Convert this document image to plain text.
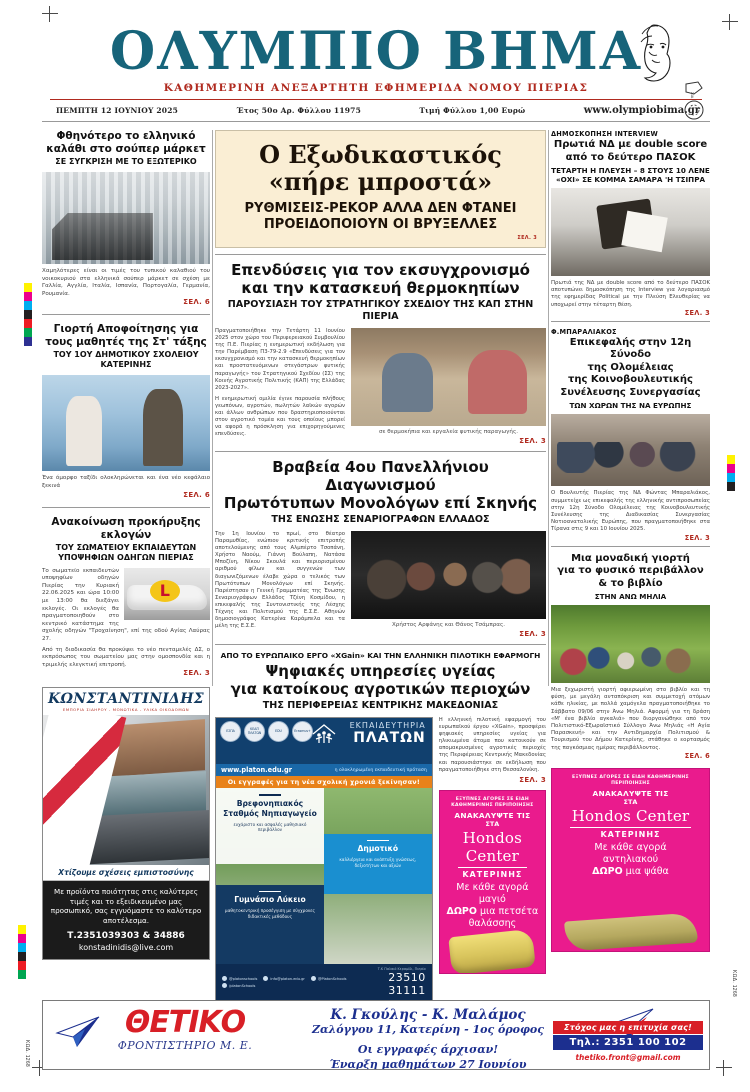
ΚΩΔ. 1268
ΚΩΔ. 1268
ΟΛΥΜΠΙΟ ΒΗΜΑ
ΣΙΑ
ΚΑΘΗΜΕΡΙΝΗ ΑΝΕΞΑΡΤΗΤΗ ΕΦΗΜΕΡΙΔΑ ΝΟΜΟΥ ΠΙΕΡΙΑΣ
ΠΕΜΠΤΗ 12 ΙΟΥΝΙΟΥ 2025	Έτος 50ο Αρ. Φύλλου 11975	Τιμή Φύλλου 1,00 Ευρώ	www.olympiobima.gr
Φθηνότερο το ελληνικό καλάθι στο σούπερ μάρκετ
ΣΕ ΣΥΓΚΡΙΣΗ ΜΕ ΤΟ ΕΞΩΤΕΡΙΚΟ
Χαμηλότερες είναι οι τιμές του τυπικού καλαθιού του νοικοκυριού στα ελληνικά σούπερ μάρκετ σε σχέση με Γαλλία, Αγγλία, Ιταλία, Ισπανία, Πορτογαλία, Γερμανία, Ρουμανία.
ΣΕΛ. 6
Γιορτή Αποφοίτησης για τους μαθητές της Στ' τάξης
ΤΟΥ 1ΟΥ ΔΗΜΟΤΙΚΟΥ ΣΧΟΛΕΙΟΥ ΚΑΤΕΡΙΝΗΣ
Ένα όμορφο ταξίδι ολοκληρώνεται και ένα νέο κεφάλαιο ξεκινά
ΣΕΛ. 6
Ανακοίνωση προκήρυξης εκλογών
ΤΟΥ ΣΩΜΑΤΕΙΟΥ ΕΚΠΑΙΔΕΥΤΩΝ ΥΠΟΨΗΦΙΩΝ ΟΔΗΓΩΝ ΠΙΕΡΙΑΣ
L
Το σωματείο εκπαιδευτών υποψηφίων οδηγών Πιερίας την Κυριακή 22.06.2025 και ώρα 10:00 με 13:00 θα διεξάγει εκλογές. Οι εκλογές θα πραγματοποιηθούν στο κεντρικό κατάστημα της σχολής οδηγών "Τροχαίνηση", επί της οδού Αγίας Λαύρας 27.
Από τη διαδικασία θα προκύψει το νέο πενταμελές ΔΣ, ο εκπρόσωπος του σωματείου μας στην ομοσπονδία και η τριμελής ελεγκτική επιτροπή.
ΣΕΛ. 3
ΚΩΝΣΤΑΝΤΙΝΙΔΗΣ
ΕΜΠΟΡΙΑ ΣΙΔΗΡΟΥ - ΜΟΝΩΤΙΚΑ - ΥΛΙΚΑ ΟΙΚΟΔΟΜΩΝ
Χτίζουμε σχέσεις εμπιστοσύνης

Με προϊόντα ποιότητας στις καλύτερες τιμές και το εξειδικευμένο μας προσωπικό, σας εγγυόμαστε το καλύτερο αποτέλεσμα.

Τ.2351039303 & 34886
konstadinidis@live.com
Ο Εξωδικαστικός
«πήρε μπροστά»
ΡΥΘΜΙΣΕΙΣ-ΡΕΚΟΡ ΑΛΛΑ ΔΕΝ ΦΤΑΝΕΙ
ΠΡΟΕΙΔΟΠΟΙΟΥΝ ΟΙ ΒΡΥΞΕΛΛΕΣ
ΣΕΛ. 3
Επενδύσεις για τον εκσυγχρονισμό
και την κατασκευή θερμοκηπίων
ΠΑΡΟΥΣΙΑΣΗ ΤΟΥ ΣΤΡΑΤΗΓΙΚΟΥ ΣΧΕΔΙΟΥ ΤΗΣ ΚΑΠ ΣΤΗΝ ΠΙΕΡΙΑ
Πραγματοποιήθηκε την Τετάρτη 11 Ιουνίου 2025 στον χώρο του Περιφερειακού Συμβουλίου της Π.Ε. Πιερίας η ενημερωτική εκδήλωση για την Παρέμβαση Π3-79-2.9 «Επενδύσεις για τον εκσυγχρονισμό και την κατασκευή θερμοκηπίων και προστατευόμενων στεγάστρων φυτικής παραγωγής» του Στρατηγικού Σχεδίου (ΣΣ) της Κοινής Αγροτικής Πολιτικής (ΚΑΠ) της Ελλάδας 2023-2027».
Η ενημερωτική ομιλία έγινε παρουσία πλήθους γεωπόνων, αγροτών, πωλητών λαϊκών αγορών και άλλων ανθρώπων που δραστηριοποιούνται στον αγροτικό τομέα και τους οποίους μπορεί να αφορά η πρόσκληση για επιχορηγούμενες επενδύσεις.	σε θερμοκήπια και εργαλεία φυτικής παραγωγής.
ΣΕΛ. 3
Βραβεία 4ου Πανελλήνιου Διαγωνισμού
Πρωτότυπων Μονολόγων επί Σκηνής
ΤΗΣ ΕΝΩΣΗΣ ΣΕΝΑΡΙΟΓΡΑΦΩΝ ΕΛΛΑΔΟΣ
Την 1η Ιουνίου το πρωί, στο θέατρο Παραμυθίας, ενώπιον κριτικής επιτροπής αποτελούμενης από τους Αλμπέρτο Τσοπάνη, Χρήστο Ναούμ, Γιάννη Βούλαπη, Νατάσα Μποζίνη, Νίκου Σκουλά και περιορισμένου αριθμού φίλων και συγγενών των διαγωνιζόμενων έλαβε χώρα ο τελικός των Πρωτότυπων Μονολόγων επί Σκηνής. Παρέστησαν η Γενική Γραμματέας της Ένωσης Σεναριογράφων Ελλάδος Τζένη Κοσμίδου, η επικεφαλής της Συντονιστικής της Λέσχης Τέχνης και Πολιτισμού της Ε.Σ.Ε. Αθηνών δημοσιογράφος Κατερίνα Καράμπελα και τα μέλη της Ε.Σ.Ε.	Χρήστος Αρφάνης και Θάνος Τσάμπρας.
ΣΕΛ. 3
ΑΠΟ ΤΟ ΕΥΡΩΠΑΙΚΟ ΕΡΓΟ «XGain» ΚΑΙ ΤΗΝ ΕΛΛΗΝΙΚΗ ΠΙΛΟΤΙΚΗ ΕΦΑΡΜΟΓΗ
Ψηφιακές υπηρεσίες υγείας
για κατοίκους αγροτικών περιοχών
ΤΗΣ ΠΕΡΙΦΕΡΕΙΑΣ ΚΕΝΤΡΙΚΗΣ ΜΑΚΕΔΟΝΙΑΣ
ΕΣΠΑ	ΚΕΔΠ ΠΛΑΤΩΝ	EDU	Erasmus+
ΕΚΠΑΙΔΕΥΤΗΡΙΑ
ΠΛΑΤΩΝ
www.platon.edu.gr	η ολοκληρωμένη εκπαιδευτική πρόταση
Οι εγγραφές για τη νέα σχολική χρονιά ξεκίνησαν!
Βρεφονηπιακός Σταθμός Νηπιαγωγείο
ευχάριστο και ασφαλές μαθησιακό περιβάλλον
Δημοτικό
καλλιέργεια και ανάπτυξη γνώσεως, δεξιοτήτων και αξιών
Γυμνάσιο Λύκειο
μαθητοκεντρική προσέγγιση με σύγχρονες διδακτικές μεθόδους
@platonschools	info@platon.edu.gr	@PlatonSchools
/platonSchools
Τ.Κ Παλαιό Κεραμίδι, Πιερία
23510 31111
Η ελληνική πιλοτική εφαρμογή του ευρωπαϊκού έργου «XGain», προσφέρει ψηφιακές υπηρεσίες υγείας για ηλικιωμένα άτομα που κατοικούν σε απομακρυσμένες αγροτικές περιοχές της Περιφέρειας Κεντρικής Μακεδονίας και παρουσιάστηκε σε εκδήλωση που πραγματοποιήθηκε στη Θεσσαλονίκη.
ΣΕΛ. 3
ΕΞΥΠΝΕΣ ΑΓΟΡΕΣ ΣΕ ΕΙΔΗ ΚΑΘΗΜΕΡΙΝΗΣ ΠΕΡΙΠΟΙΗΣΗΣ
ΑΝΑΚΑΛΥΨΤΕ ΤΙΣ
ΣΤΑ
Hondos Center
ΚΑΤΕΡΙΝΗΣ
Με κάθε αγορά
μαγιό
ΔΩΡΟ μια πετσέτα θαλάσσης
ΔΗΜΟΣΚΟΠΗΣΗ INTERVIEW
Πρωτιά ΝΔ με double score
από το δεύτερο ΠΑΣΟΚ
ΤΕΤΑΡΤΗ Η ΠΛΕΥΣΗ – 8 ΣΤΟΥΣ 10 ΛΕΝΕ
«ΟΧΙ» ΣΕ ΚΟΜΜΑ ΣΑΜΑΡΑ 'Η ΤΣΙΠΡΑ
Πρωτιά της ΝΔ με double score από το δεύτερο ΠΑΣΟΚ αποτυπώνει δημοσκόπηση της Interview για λογαριασμό της εφημερίδας Political με την Πλεύση Ελευθερίας να υποχωρεί στην τέταρτη θέση.
ΣΕΛ. 3
Φ.ΜΠΑΡΑΛΙΑΚΟΣ
Επικεφαλής στην 12η Σύνοδο
της Ολομέλειας
της Κοινοβουλευτικής
Συνέλευσης Συνεργασίας
ΤΩΝ ΧΩΡΩΝ ΤΗΣ ΝΑ ΕΥΡΩΠΗΣ
Ο Βουλευτής Πιερίας της ΝΔ Φώντας Μπαραλιάκος, συμμετείχε ως επικεφαλής της ελληνικής αντιπροσωπείας στην 12η Σύνοδο Ολομέλειας της Κοινοβουλευτικής Συνέλευσης της Διαδικασίας Συνεργασίας Νοτιοανατολικής Ευρώπης, που πραγματοποιήθηκε στα Τίρανα στις 9 και 10 Ιουνίου 2025.
ΣΕΛ. 3
Μια μοναδική γιορτή
για το φυσικό περιβάλλον
& το βιβλίο
ΣΤΗΝ ΑΝΩ ΜΗΛΙΑ
Μια ξεχωριστή γιορτή αφιερωμένη στο βιβλίο και τη φύση, με μεγάλη ανταπόκριση και συμμετοχή ατόμων κάθε ηλικίας, με πολλά χαμόγελα πραγματοποιήθηκε το Σάββατο 09/06 στην Άνω Μηλιά. Αφορμή για τη δράση «Μ' ένα βιβλίο αγκαλιά» που διοργανώθηκε από τον Πολιτιστικό-Εξωραϊστικό Σύλλογο Άνω Μηλιάς «Η Αγία Παρασκευή» και την Αντιδημαρχία Πολιτισμού & Τουρισμού του Δήμου Κατερίνης, στάθηκε ο εορτασμός της παγκόσμιας ημέρας περιβάλλοντος.
ΣΕΛ. 6
ΕΞΥΠΝΕΣ ΑΓΟΡΕΣ ΣΕ ΕΙΔΗ ΚΑΘΗΜΕΡΙΝΗΣ ΠΕΡΙΠΟΙΗΣΗΣ
ΑΝΑΚΑΛΥΨΤΕ ΤΙΣ
ΣΤΑ
Hondos Center
ΚΑΤΕΡΙΝΗΣ
Με κάθε αγορά
αντηλιακού
ΔΩΡΟ μια ψάθα
ΘΕΤΙΚΟ
ΦΡΟΝΤΙΣΤΗΡΙΟ Μ. Ε.
Κ. Γκούλης - Κ. Μαλάμος
Ζαλόγγου 11, Κατερίνη - 1ος όροφος
Οι εγγραφές άρχισαν!
Έναρξη μαθημάτων 27 Ιουνίου
Στόχος μας η επιτυχία σας!
Τηλ.: 2351 100 102
thetiko.front@gmail.com
